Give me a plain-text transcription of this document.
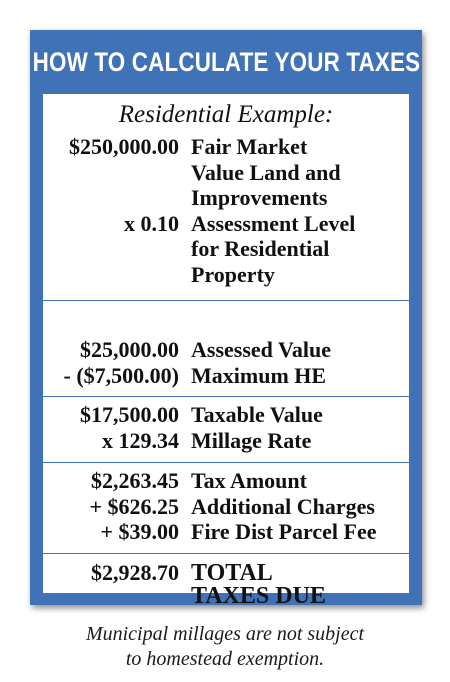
HOW TO CALCULATE YOUR TAXES
Residential Example:
$250,000.00 Fair Market
Value Land and
Improvements
x 0.10 Assessment Level
for Residential
Property
$25,000.00 Assessed Value
- ($7,500.00) Maximum HE
$17,500.00 Taxable Value
x 129.34 Millage Rate
$2,263.45 Tax Amount
+ $626.25 Additional Charges
+ $39.00 Fire Dist Parcel Fee
$2,928.70 TOTAL
TAXES DUE
Municipal millages are not subject
to homestead exemption.
